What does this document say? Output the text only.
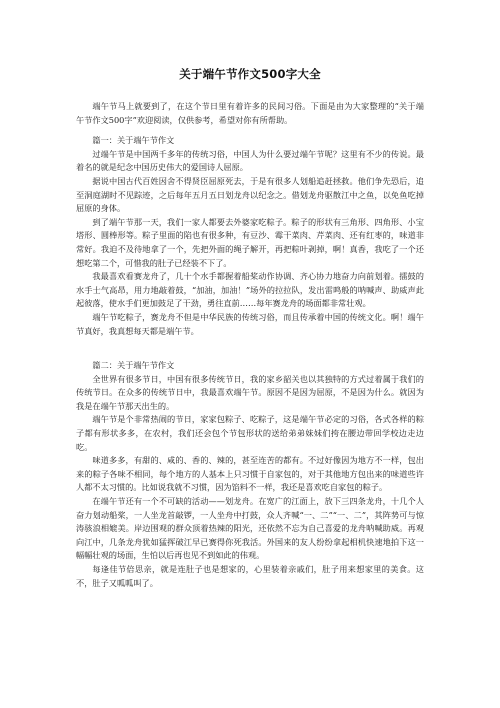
关于端午节作文500字大全

端午节马上就要到了，在这个节日里有着许多的民间习俗。下面是由为大家整理的“关于端午节作文500字”欢迎阅读，仅供参考，希望对你有所帮助。

篇一：关于端午节作文

过端午节是中国两千多年的传统习俗，中国人为什么要过端午节呢？这里有不少的传说。最着名的就是纪念中国历史伟大的爱国诗人屈原。

据说中国古代百姓因舍不得贤臣屈原死去，于是有很多人划船追赶拯救。他们争先恐后，追至洞庭湖时不见踪迹，之后每年五月五日划龙舟以纪念之。借划龙舟驱散江中之鱼，以免鱼吃掉屈原的身体。

到了端午节那一天，我们一家人都要去外婆家吃粽子。粽子的形状有三角形、四角形、小宝塔形、圆棒形等。粽子里面的陷也有很多种，有豆沙、霉干菜肉、芹菜肉、还有红枣的，味道非常好。我迫不及待地拿了一个，先把外面的绳子解开，再把粽叶剥掉，啊！真香，我吃了一个还想吃第二个，可惜我的肚子已经装不下了。

我最喜欢看赛龙舟了，几十个水手都握着船桨动作协调、齐心协力地奋力向前划着。擂鼓的水手士气高昂，用力地敲着鼓，“加油，加油！”场外的拉拉队，发出雷鸣般的呐喊声、助威声此起彼落，使水手们更加鼓足了干劲，勇往直前……每年赛龙舟的场面都非常壮观。

端午节吃粽子，赛龙舟不但是中华民族的传统习俗，而且传承着中国的传统文化。啊！端午节真好，我真想每天都是端午节。

篇二：关于端午节作文

全世界有很多节日，中国有很多传统节日，我的家乡韶关也以其独特的方式过着属于我们的传统节日。在众多的传统节日中，我最喜欢端午节。原因不是因为屈原，不是因为什么。就因为我是在端午节那天出生的。

端午节是个非常热闹的节日，家家包粽子、吃粽子，这是端午节必定的习俗，各式各样的粽子都有形状多多，在农村，我们还会包个节包形状的送给弟弟妹妹们挎在腰边带回学校边走边吃。

味道多多，有甜的、咸的、香的、辣的，甚至连苦的都有。不过好像因为地方不一样，包出来的粽子各味不相同，每个地方的人基本上只习惯于自家包的，对于其他地方包出来的味道些许人都不太习惯的。比如说我就不习惯，因为馅料不一样，我还是喜欢吃自家包的粽子。

在端午节还有一个不可缺的活动——划龙舟。在宽广的江面上，放下三四条龙舟，十几个人奋力划动船桨，一人坐龙首敲锣，一人坐舟中打鼓，众人齐喊“一、二”“一、二”，其阵势可与惊涛骇浪相媲美。岸边围观的群众顶着热辣的阳光，还依然不忘为自己喜爱的龙舟呐喊助威。再观向江中，几条龙舟犹如猛挥破江早已赛得你死我活。外国来的友人纷纷拿起相机快速地拍下这一幅幅壮观的场面，生怕以后再也见不到如此的伟观。

每逢佳节倍思亲，就是连肚子也是想家的，心里装着亲戚们，肚子用来想家里的美食。这不，肚子又呱呱叫了。
